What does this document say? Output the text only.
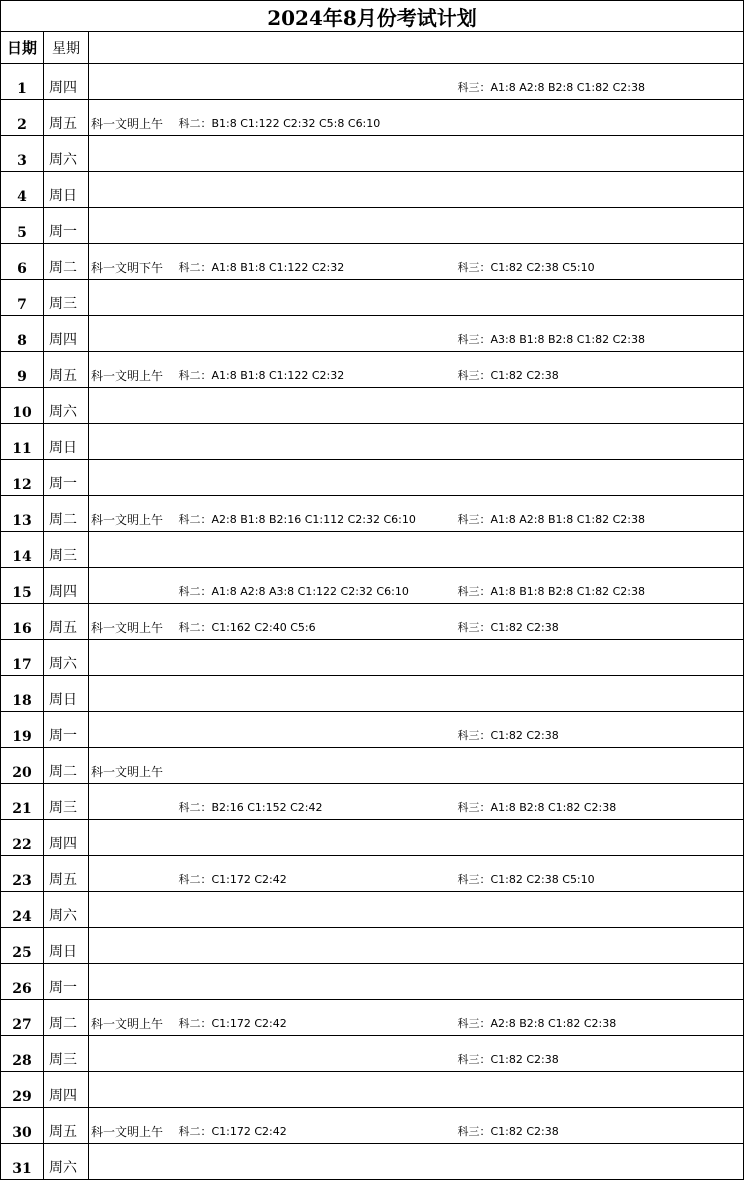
2024年8月份考试计划				
日期	星期			
1	周四			科三：A1:8 A2:8 B2:8 C1:82 C2:38
2	周五	科一文明上午	科二：B1:8 C1:122 C2:32 C5:8 C6:10	
3	周六			
4	周日			
5	周一			
6	周二	科一文明下午	科二：A1:8 B1:8 C1:122 C2:32	科三：C1:82 C2:38 C5:10
7	周三			
8	周四			科三：A3:8 B1:8 B2:8 C1:82 C2:38
9	周五	科一文明上午	科二：A1:8 B1:8 C1:122 C2:32	科三：C1:82 C2:38
10	周六			
11	周日			
12	周一			
13	周二	科一文明上午	科二：A2:8 B1:8 B2:16 C1:112 C2:32 C6:10	科三：A1:8 A2:8 B1:8 C1:82 C2:38
14	周三			
15	周四		科二：A1:8 A2:8 A3:8 C1:122 C2:32 C6:10	科三：A1:8 B1:8 B2:8 C1:82 C2:38
16	周五	科一文明上午	科二：C1:162 C2:40 C5:6	科三：C1:82 C2:38
17	周六			
18	周日			
19	周一			科三：C1:82 C2:38
20	周二	科一文明上午		
21	周三		科二：B2:16 C1:152 C2:42	科三：A1:8 B2:8 C1:82 C2:38
22	周四			
23	周五		科二：C1:172 C2:42	科三：C1:82 C2:38 C5:10
24	周六			
25	周日			
26	周一			
27	周二	科一文明上午	科二：C1:172 C2:42	科三：A2:8 B2:8 C1:82 C2:38
28	周三			科三：C1:82 C2:38
29	周四			
30	周五	科一文明上午	科二：C1:172 C2:42	科三：C1:82 C2:38
31	周六			
